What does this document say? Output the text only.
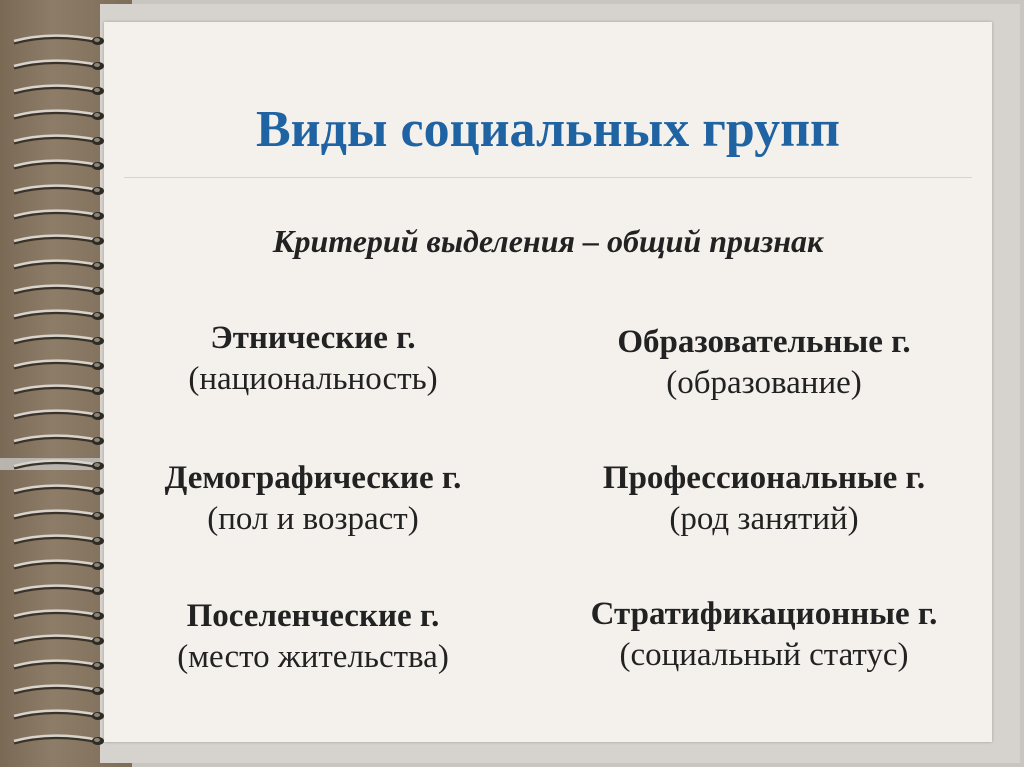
Виды социальных групп
Критерий выделения – общий признак
Этнические г.
(национальность)
Образовательные г.
(образование)
Демографические г.
(пол и возраст)
Профессиональные г.
(род занятий)
Поселенческие г.
(место жительства)
Стратификационные г.
(социальный статус)
